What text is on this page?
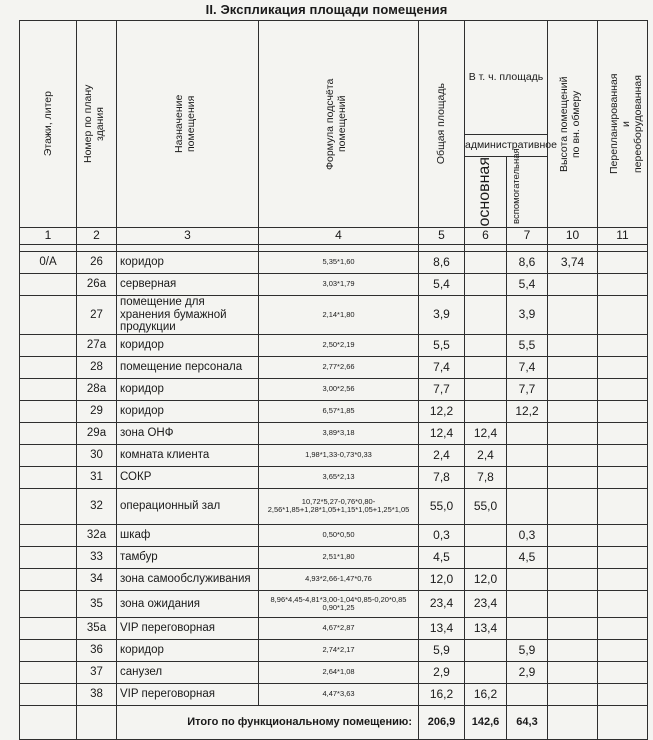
II. Экспликация площади помещения
Этажи, литер	Номер по плану здания	Назначение помещения	Формула подсчёта помещений	Общая площадь	В т. ч. площадь		Высота помещений по вн. обмеру	Перепланированная и переоборудованная

					административное			

					основная	вспомогательная		

1	2	3	4	5	6	7	10	11

0/А	26	коридор	5,35*1,60	8,6		8,6	3,74	
	26а	серверная	3,03*1,79	5,4		5,4		
	27	помещение для хранения бумажной продукции	2,14*1,80	3,9		3,9		
	27а	коридор	2,50*2,19	5,5		5,5		
	28	помещение персонала	2,77*2,66	7,4		7,4		
	28а	коридор	3,00*2,56	7,7		7,7		
	29	коридор	6,57*1,85	12,2		12,2		
	29а	зона ОНФ	3,89*3,18	12,4	12,4			
	30	комната клиента	1,98*1,33-0,73*0,33	2,4	2,4			
	31	СОКР	3,65*2,13	7,8	7,8			
	32	операционный зал	10,72*5,27-0,76*0,80-2,56*1,85+1,28*1,05+1,15*1,05+1,25*1,05	55,0	55,0			
	32а	шкаф	0,50*0,50	0,3		0,3		
	33	тамбур	2,51*1,80	4,5		4,5		
	34	зона самообслуживания	4,93*2,66-1,47*0,76	12,0	12,0			
	35	зона ожидания	8,96*4,45-4,81*3,00-1,04*0,85-0,20*0,85 0,90*1,25	23,4	23,4			
	35а	VIP переговорная	4,67*2,87	13,4	13,4			
	36	коридор	2,74*2,17	5,9		5,9		
	37	санузел	2,64*1,08	2,9		2,9		
	38	VIP переговорная	4,47*3,63	16,2	16,2			
		Итого по функциональному помещению:		206,9	142,6	64,3		
